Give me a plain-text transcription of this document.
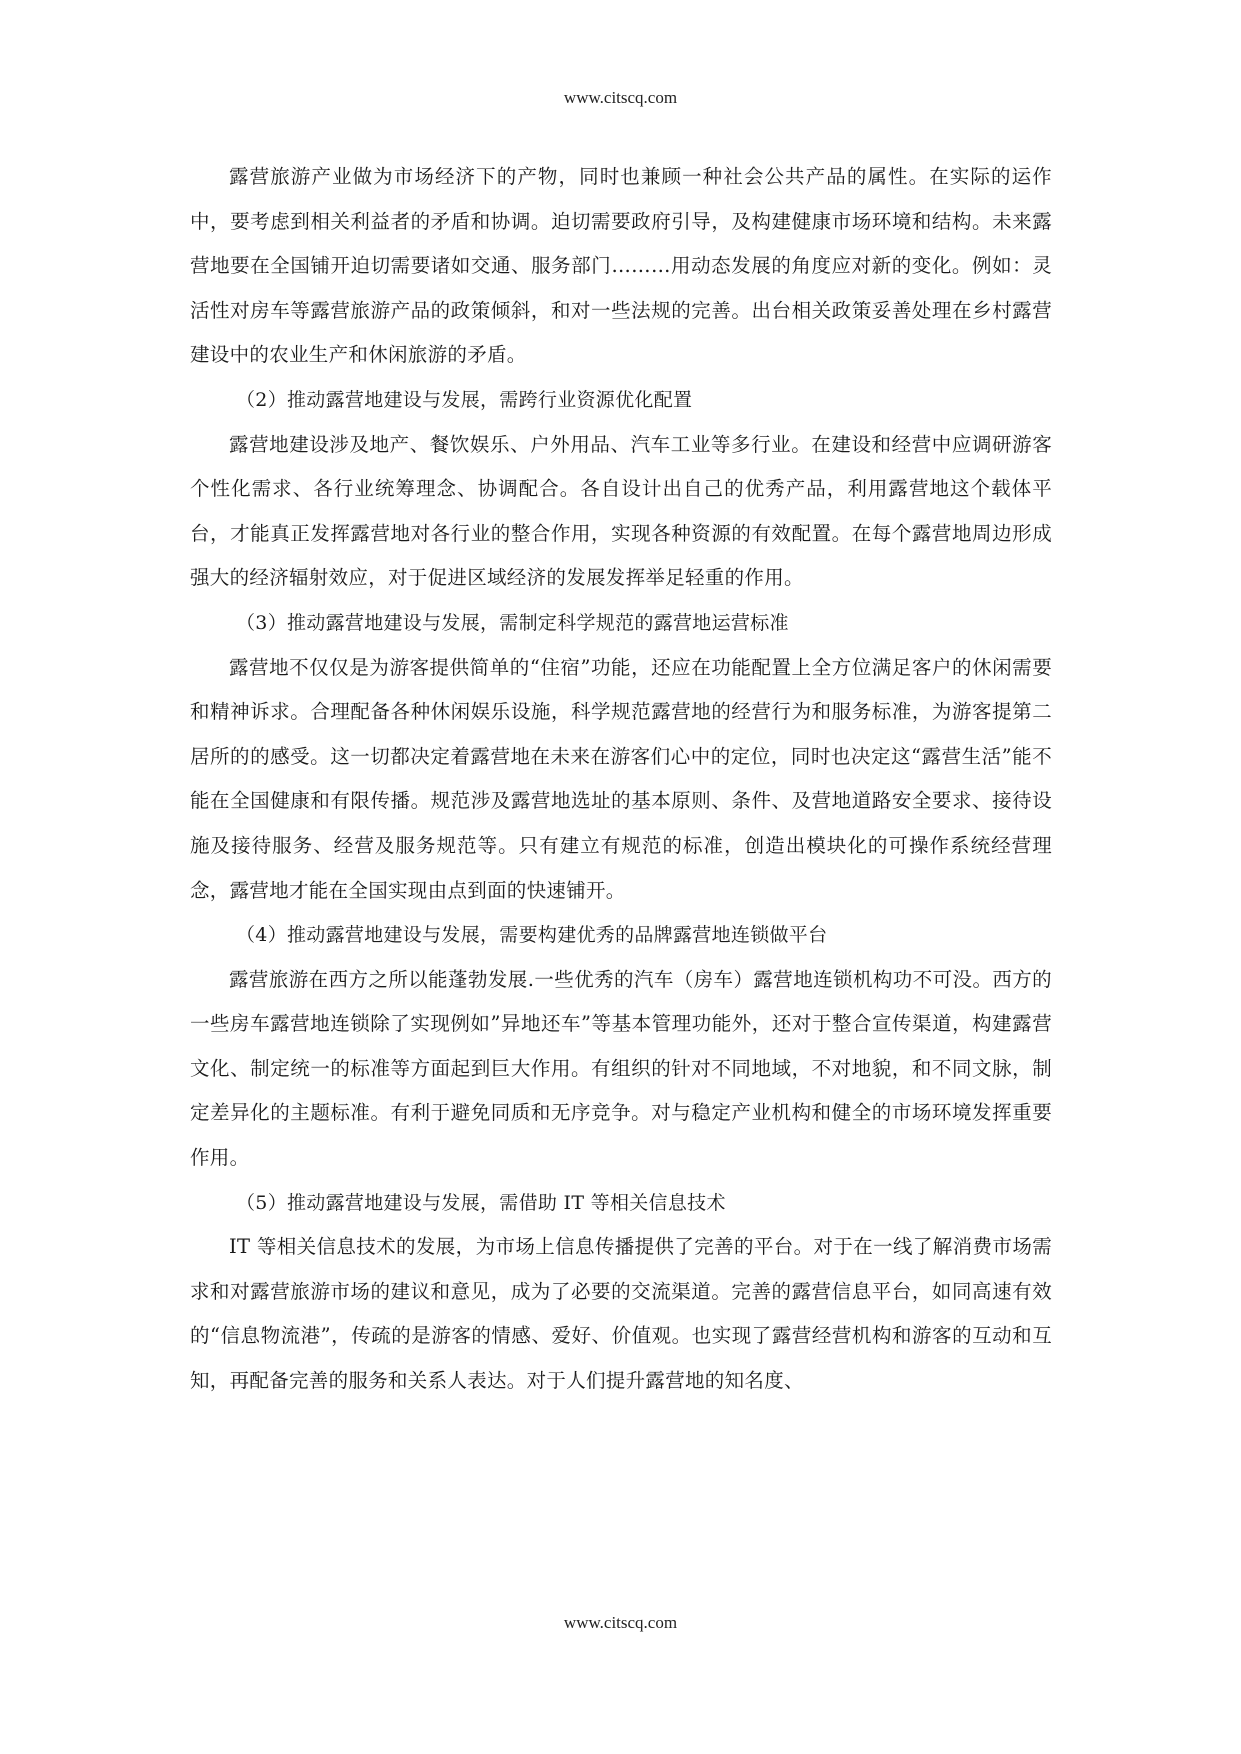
www.citscq.com

露营旅游产业做为市场经济下的产物，同时也兼顾一种社会公共产品的属性。在实际的运作中，要考虑到相关利益者的矛盾和协调。迫切需要政府引导，及构建健康市场环境和结构。未来露营地要在全国铺开迫切需要诸如交通、服务部门………用动态发展的角度应对新的变化。例如：灵活性对房车等露营旅游产品的政策倾斜，和对一些法规的完善。出台相关政策妥善处理在乡村露营建设中的农业生产和休闲旅游的矛盾。

（2）推动露营地建设与发展，需跨行业资源优化配置

露营地建设涉及地产、餐饮娱乐、户外用品、汽车工业等多行业。在建设和经营中应调研游客个性化需求、各行业统筹理念、协调配合。各自设计出自己的优秀产品，利用露营地这个载体平台，才能真正发挥露营地对各行业的整合作用，实现各种资源的有效配置。在每个露营地周边形成强大的经济辐射效应，对于促进区域经济的发展发挥举足轻重的作用。

（3）推动露营地建设与发展，需制定科学规范的露营地运营标准

露营地不仅仅是为游客提供简单的“住宿”功能，还应在功能配置上全方位满足客户的休闲需要和精神诉求。合理配备各种休闲娱乐设施，科学规范露营地的经营行为和服务标准，为游客提第二居所的的感受。这一切都决定着露营地在未来在游客们心中的定位，同时也决定这“露营生活”能不能在全国健康和有限传播。规范涉及露营地选址的基本原则、条件、及营地道路安全要求、接待设施及接待服务、经营及服务规范等。只有建立有规范的标准，创造出模块化的可操作系统经营理念，露营地才能在全国实现由点到面的快速铺开。

（4）推动露营地建设与发展，需要构建优秀的品牌露营地连锁做平台

露营旅游在西方之所以能蓬勃发展.一些优秀的汽车（房车）露营地连锁机构功不可没。西方的一些房车露营地连锁除了实现例如”异地还车”等基本管理功能外，还对于整合宣传渠道，构建露营文化、制定统一的标准等方面起到巨大作用。有组织的针对不同地域，不对地貌，和不同文脉，制定差异化的主题标准。有利于避免同质和无序竞争。对与稳定产业机构和健全的市场环境发挥重要作用。

（5）推动露营地建设与发展，需借助 IT 等相关信息技术

IT 等相关信息技术的发展，为市场上信息传播提供了完善的平台。对于在一线了解消费市场需求和对露营旅游市场的建议和意见，成为了必要的交流渠道。完善的露营信息平台，如同高速有效的“信息物流港”，传疏的是游客的情感、爱好、价值观。也实现了露营经营机构和游客的互动和互知，再配备完善的服务和关系人表达。对于人们提升露营地的知名度、

www.citscq.com
